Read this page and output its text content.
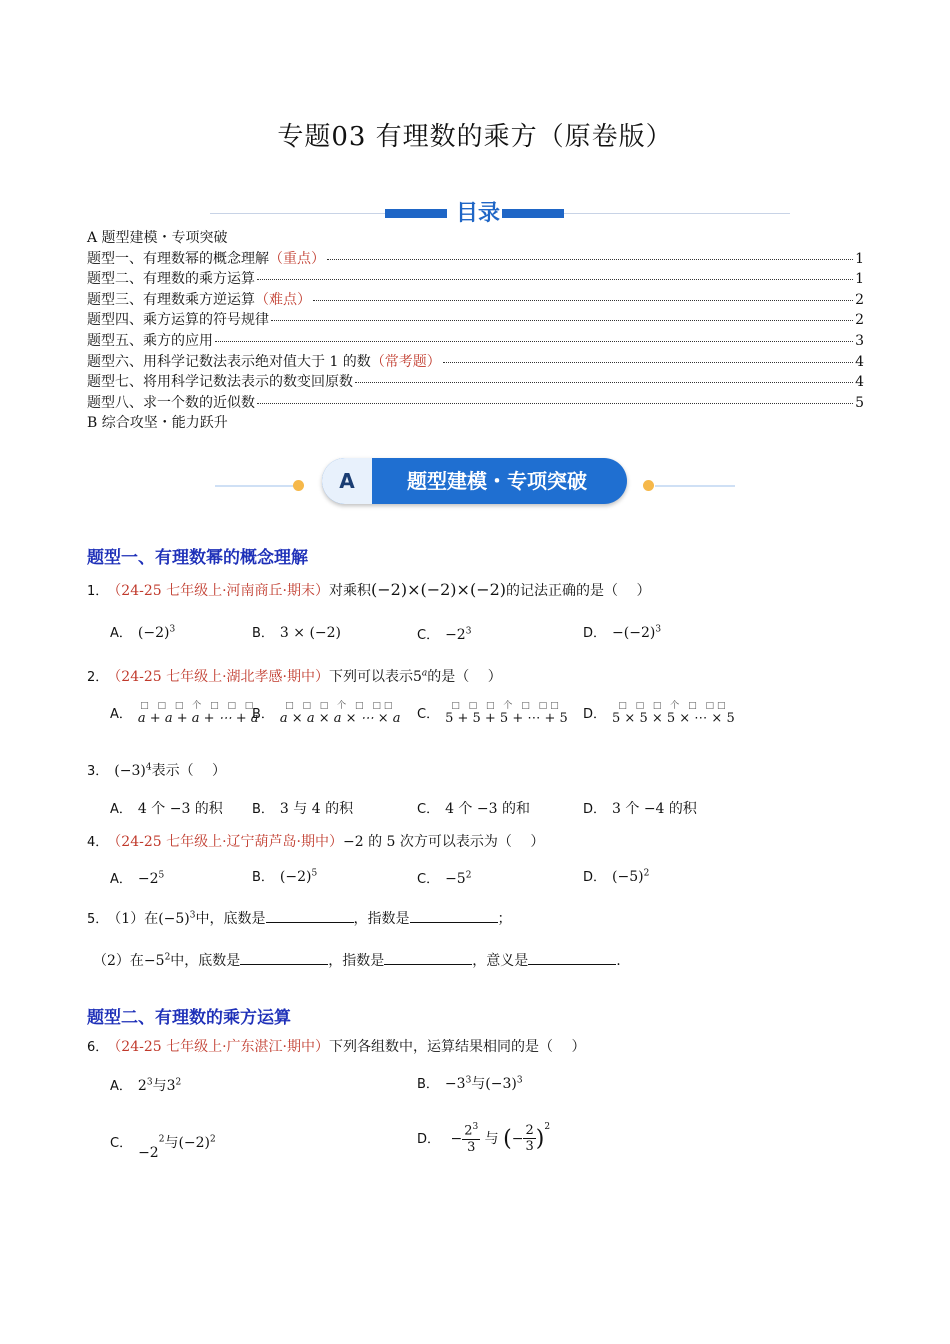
专题03 有理数的乘方（原卷版）
目录
A 题型建模・专项突破
题型一、有理数幂的概念理解 （重点）	1
题型二、有理数的乘方运算	1
题型三、有理数乘方逆运算 （难点）	2
题型四、乘方运算的符号规律	2
题型五、乘方的应用	3
题型六、用科学记数法表示绝对值大于 1 的数 （常考题）	4
题型七、将用科学记数法表示的数变回原数	4
题型八、求一个数的近似数	5
B 综合攻坚・能力跃升
A	题型建模・专项突破
题型一、有理数幂的概念理解
1． （24-25 七年级上·河南商丘·期末）对乘积(−2)×(−2)×(−2)的记法正确的是（　 ）
A． $(-2)^3$	B． 3 × (−2)	C． $-2^3$	D． $-(-2)^3$
2． （24-25 七年级上·湖北孝感·期中）下列可以表示5$^a$的是（　 ）
A．
□ □ □ 个 □ □ □
a + a + a + ⋯ + a
B．
□ □ □ 个 □ □□
a × a × a × ⋯ × a C．
□ □ □ 个 □ □□
5 + 5 + 5 + ⋯ + 5 D．
□ □ □ 个 □ □□
5 × 5 × 5 × ⋯ × 5
3． $(-3)^4$表示（　 ）
A． 4 个 −3 的积 B． 3 与 4 的积	C． 4 个 −3 的和	D． 3 个 −4 的积
4． （24-25 七年级上·辽宁葫芦岛·期中）−2 的 5 次方可以表示为（　 ）
A． $-2^5$	B． $(-2)^5$	C． $-5^2$	D． $(-5)^2$
5． （1）在$(-5)^3$中，底数是	，指数是	；
（2）在$-5^2$中，底数是	，指数是	，意义是	.
题型二、有理数的乘方运算
6． （24-25 七年级上·广东湛江·期中）下列各组数中，运算结果相同的是（　 ）
A． $2^3$与$3^2$	B． $-3^3$与$(-3)^3$
C．$-2^2$与$(-2)^2$	D． − $\frac{2^3}{3}$ 与 (− $\frac{2}{3} )^2$
